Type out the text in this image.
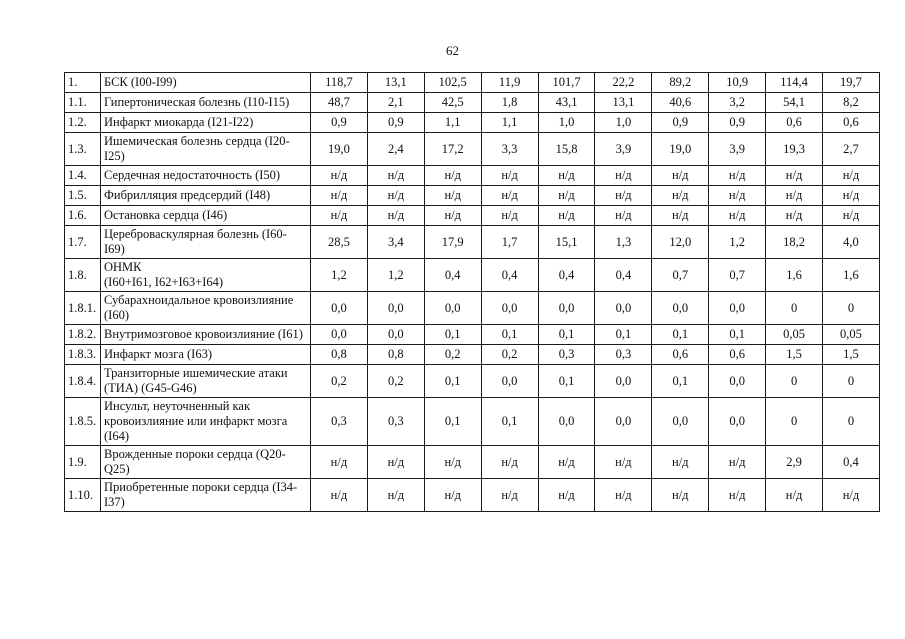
62
1.	БСК (I00-I99)	118,7	13,1	102,5	11,9	101,7	22,2	89,2	10,9	114,4	19,7
1.1.	Гипертоническая болезнь (I10-I15)	48,7	2,1	42,5	1,8	43,1	13,1	40,6	3,2	54,1	8,2
1.2.	Инфаркт миокарда (I21-I22)	0,9	0,9	1,1	1,1	1,0	1,0	0,9	0,9	0,6	0,6
1.3.	Ишемическая болезнь сердца (I20-
I25)	19,0	2,4	17,2	3,3	15,8	3,9	19,0	3,9	19,3	2,7
1.4.	Сердечная недостаточность (I50)	н/д	н/д	н/д	н/д	н/д	н/д	н/д	н/д	н/д	н/д
1.5.	Фибрилляция предсердий (I48)	н/д	н/д	н/д	н/д	н/д	н/д	н/д	н/д	н/д	н/д
1.6.	Остановка сердца (I46)	н/д	н/д	н/д	н/д	н/д	н/д	н/д	н/д	н/д	н/д
1.7.	Цереброваскулярная болезнь (I60-
I69)	28,5	3,4	17,9	1,7	15,1	1,3	12,0	1,2	18,2	4,0
1.8.	ОНМК
(I60+I61, I62+I63+I64)	1,2	1,2	0,4	0,4	0,4	0,4	0,7	0,7	1,6	1,6
1.8.1.	Субарахноидальное кровоизлияние
(I60)	0,0	0,0	0,0	0,0	0,0	0,0	0,0	0,0	0	0
1.8.2.	Внутримозговое кровоизлияние (I61)	0,0	0,0	0,1	0,1	0,1	0,1	0,1	0,1	0,05	0,05
1.8.3.	Инфаркт мозга (I63)	0,8	0,8	0,2	0,2	0,3	0,3	0,6	0,6	1,5	1,5
1.8.4.	Транзиторные ишемические атаки
(ТИА) (G45-G46)	0,2	0,2	0,1	0,0	0,1	0,0	0,1	0,0	0	0
1.8.5.	Инсульт, неуточненный как
кровоизлияние или инфаркт мозга
(I64)	0,3	0,3	0,1	0,1	0,0	0,0	0,0	0,0	0	0
1.9.	Врожденные пороки сердца (Q20-
Q25)	н/д	н/д	н/д	н/д	н/д	н/д	н/д	н/д	2,9	0,4
1.10.	Приобретенные пороки сердца (I34-
I37)	н/д	н/д	н/д	н/д	н/д	н/д	н/д	н/д	н/д	н/д
